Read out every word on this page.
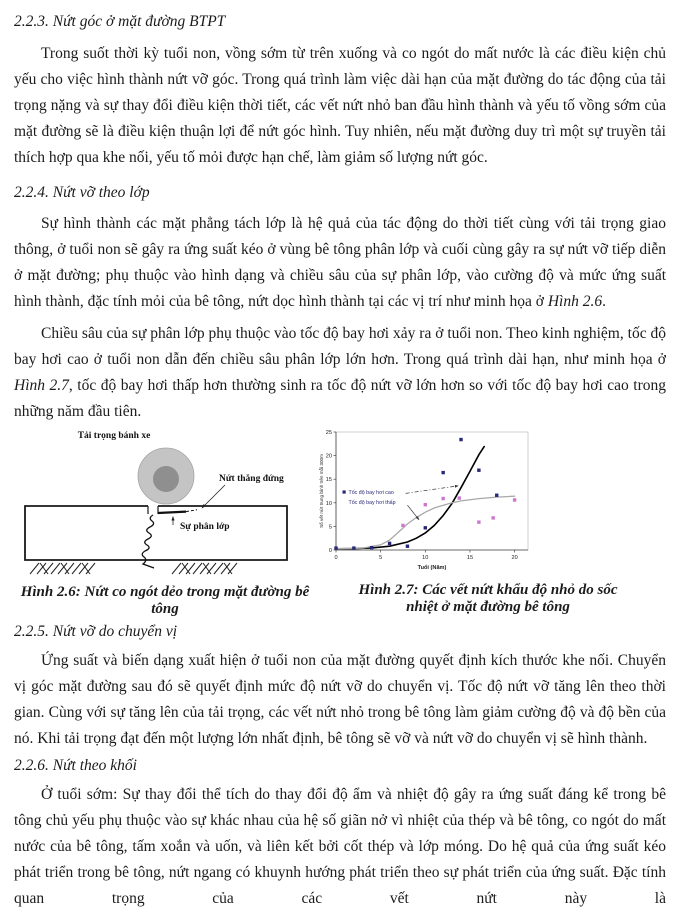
2.2.3. Nứt góc ở mặt đường BTPT

Trong suốt thời kỳ tuổi non, vồng sớm từ trên xuống và co ngót do mất nước là các điều kiện chủ yếu cho việc hình thành nứt vỡ góc. Trong quá trình làm việc dài hạn của mặt đường do tác động của tải trọng nặng và sự thay đổi điều kiện thời tiết, các vết nứt nhỏ ban đầu hình thành và yếu tố vồng sớm của mặt đường sẽ là điều kiện thuận lợi để nứt góc hình. Tuy nhiên, nếu mặt đường duy trì một sự truyền tải thích hợp qua khe nối, yếu tố mỏi được hạn chế, làm giảm số lượng nứt góc.

2.2.4. Nứt vỡ theo lớp

Sự hình thành các mặt phẳng tách lớp là hệ quả của tác động do thời tiết cùng với tải trọng giao thông, ở tuổi non sẽ gây ra ứng suất kéo ở vùng bê tông phân lớp và cuối cùng gây ra sự nứt vỡ tiếp diễn ở mặt đường; phụ thuộc vào hình dạng và chiều sâu của sự phân lớp, vào cường độ và mức ứng suất hình thành, đặc tính mỏi của bê tông, nứt dọc hình thành tại các vị trí như minh họa ở Hình 2.6.

Chiều sâu của sự phân lớp phụ thuộc vào tốc độ bay hơi xảy ra ở tuổi non. Theo kinh nghiệm, tốc độ bay hơi cao ở tuổi non dẫn đến chiều sâu phân lớp lớn hơn. Trong quá trình dài hạn, như minh họa ở Hình 2.7, tốc độ bay hơi thấp hơn thường sinh ra tốc độ nứt vỡ lớn hơn so với tốc độ bay hơi cao trong những năm đầu tiên.

Tải trọng bánh xe
Nứt thẳng đứng
Sự phân lớp
Hình 2.6: Nứt co ngót dẻo trong mặt đường bê tông
0
5
10
15
20
25
0	5	10	15	20
Tuổi (Năm)
Số vết nứt trung bình trên mỗi 300m	Tốc độ bay hơi cao
Tốc độ bay hơi thấp
Hình 2.7: Các vết nứt khẩu độ nhỏ do sốc nhiệt ở mặt đường bê tông
2.2.5. Nứt vỡ do chuyển vị

Ứng suất và biến dạng xuất hiện ở tuổi non của mặt đường quyết định kích thước khe nối. Chuyển vị góc mặt đường sau đó sẽ quyết định mức độ nứt vỡ do chuyển vị. Tốc độ nứt vỡ tăng lên theo thời gian. Cùng với sự tăng lên của tải trọng, các vết nứt nhỏ trong bê tông làm giảm cường độ và độ bền của nó. Khi tải trọng đạt đến một lượng lớn nhất định, bê tông sẽ vỡ và nứt vỡ do chuyển vị sẽ hình thành.

2.2.6. Nứt theo khối

Ở tuổi sớm: Sự thay đổi thể tích do thay đổi độ ẩm và nhiệt độ gây ra ứng suất đáng kể trong bê tông chủ yếu phụ thuộc vào sự khác nhau của hệ số giãn nở vì nhiệt của thép và bê tông, co ngót do mất nước của bê tông, tấm xoắn và uốn, và liên kết bởi cốt thép và lớp móng. Do hệ quả của ứng suất kéo phát triển trong bê tông, nứt ngang có khuynh hướng phát triển theo sự phát triển của ứng suất. Đặc tính quan trọng của các vết nứt này là
